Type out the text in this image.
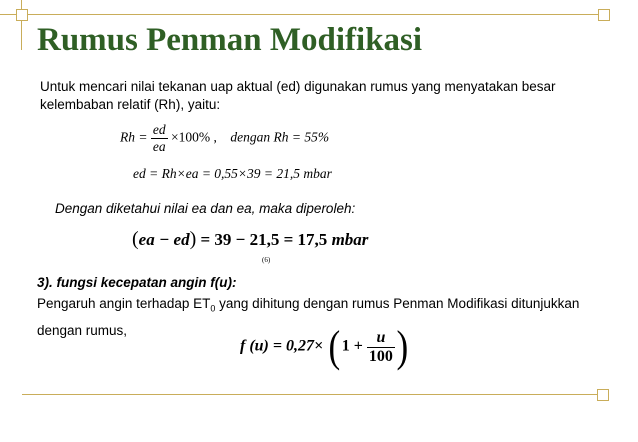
Rumus Penman Modifikasi
Untuk mencari nilai tekanan uap aktual (ed) digunakan rumus yang menyatakan besar kelembaban relatif (Rh), yaitu:
$Rh = \frac{ed}{ea} \times 100\%$ , dengan Rh = 55%
ed = Rh×ea = 0,55×39 = 21,5 mbar
Dengan diketahui nilai ea dan ea, maka diperoleh:
(ea − ed) = 39 − 21,5 = 17,5 mbar
(6)
3). fungsi kecepatan angin f(u):
Pengaruh angin terhadap $ET_0$ yang dihitung dengan rumus Penman Modifikasi ditunjukkan dengan rumus,
f $(u) = 0,27\times (1 + \frac{u}{100}$ )
